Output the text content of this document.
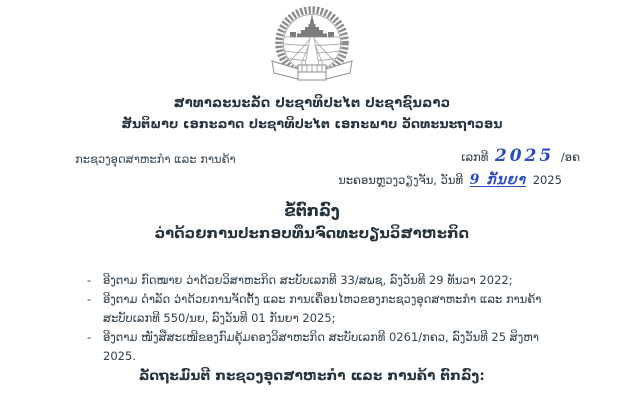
ສາທາລະນະລັດ ປະຊາທິປະໄຕ ປະຊາຊົນລາວ
ສັນຕິພາບ ເອກະລາດ ປະຊາທິປະໄຕ ເອກະພາບ ວັດທະນະຖາວອນ
ກະຊວງອຸດສາຫະກຳ ແລະ ການຄ້າ	ເລກທີ 2025 /ອຄ
ນະຄອນຫຼວງວຽງຈັນ, ວັນທີ 9 ກັນຍາ 2025
ຂໍ້ຕົກລົງ
ວ່າດ້ວຍການປະກອບທຶນຈົດທະບຽນວິສາຫະກິດ
-	ອີງຕາມ ກົດໝາຍ ວ່າດ້ວຍວິສາຫະກິດ ສະບັບເລກທີ 33/ສພຊ, ລົງວັນທີ 29 ທັນວາ 2022;
-	ອີງຕາມ ດຳລັດ ວ່າດ້ວຍການຈັດຕັ້ງ ແລະ ການເຄື່ອນໄຫວຂອງກະຊວງອຸດສາຫະກຳ ແລະ ການຄ້າ ສະບັບເລກທີ 550/ນຍ, ລົງວັນທີ 01 ກັນຍາ 2025;
-	ອີງຕາມ ໜັງສືສະເໜີຂອງກົມຄຸ້ມຄອງວິສາຫະກິດ ສະບັບເລກທີ 0261/ກຄວ, ລົງວັນທີ 25 ສິງຫາ 2025.
ລັດຖະມົນຕີ ກະຊວງອຸດສາຫະກຳ ແລະ ການຄ້າ ຕົກລົງ:
